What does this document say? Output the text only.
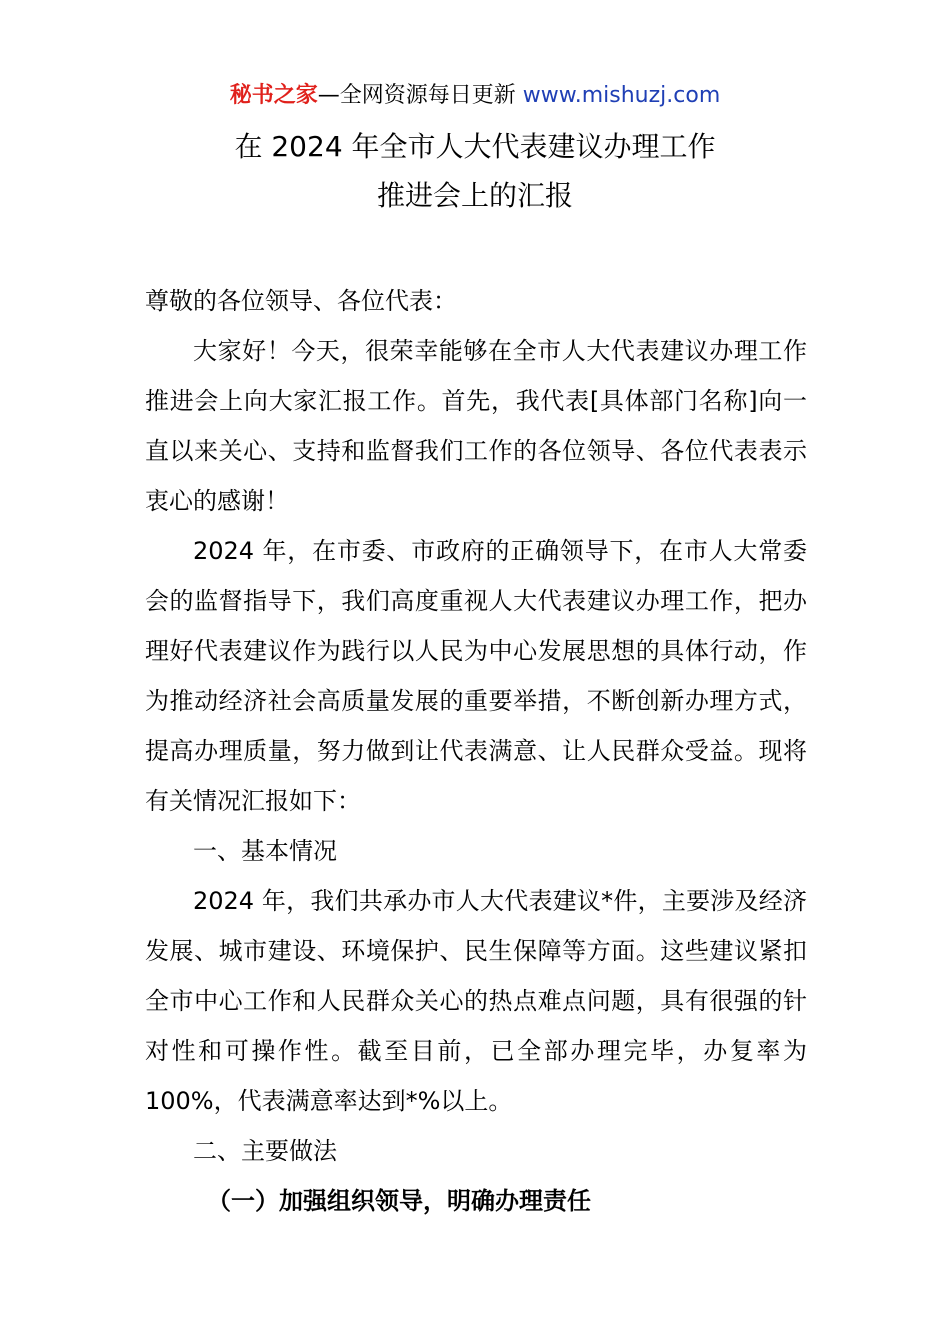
秘书之家—全网资源每日更新 www.mishuzj.com
在 2024 年全市人大代表建议办理工作
推进会上的汇报

尊敬的各位领导、各位代表：

大家好！今天，很荣幸能够在全市人大代表建议办理工作推进会上向大家汇报工作。首先，我代表[具体部门名称]向一直以来关心、支持和监督我们工作的各位领导、各位代表表示衷心的感谢！

2024 年，在市委、市政府的正确领导下，在市人大常委会的监督指导下，我们高度重视人大代表建议办理工作，把办理好代表建议作为践行以人民为中心发展思想的具体行动，作为推动经济社会高质量发展的重要举措，不断创新办理方式，提高办理质量，努力做到让代表满意、让人民群众受益。现将有关情况汇报如下：

一、基本情况

2024 年，我们共承办市人大代表建议*件，主要涉及经济发展、城市建设、环境保护、民生保障等方面。这些建议紧扣全市中心工作和人民群众关心的热点难点问题，具有很强的针对性和可操作性。截至目前，已全部办理完毕，办复率为 100%，代表满意率达到*%以上。

二、主要做法

（一）加强组织领导，明确办理责任
